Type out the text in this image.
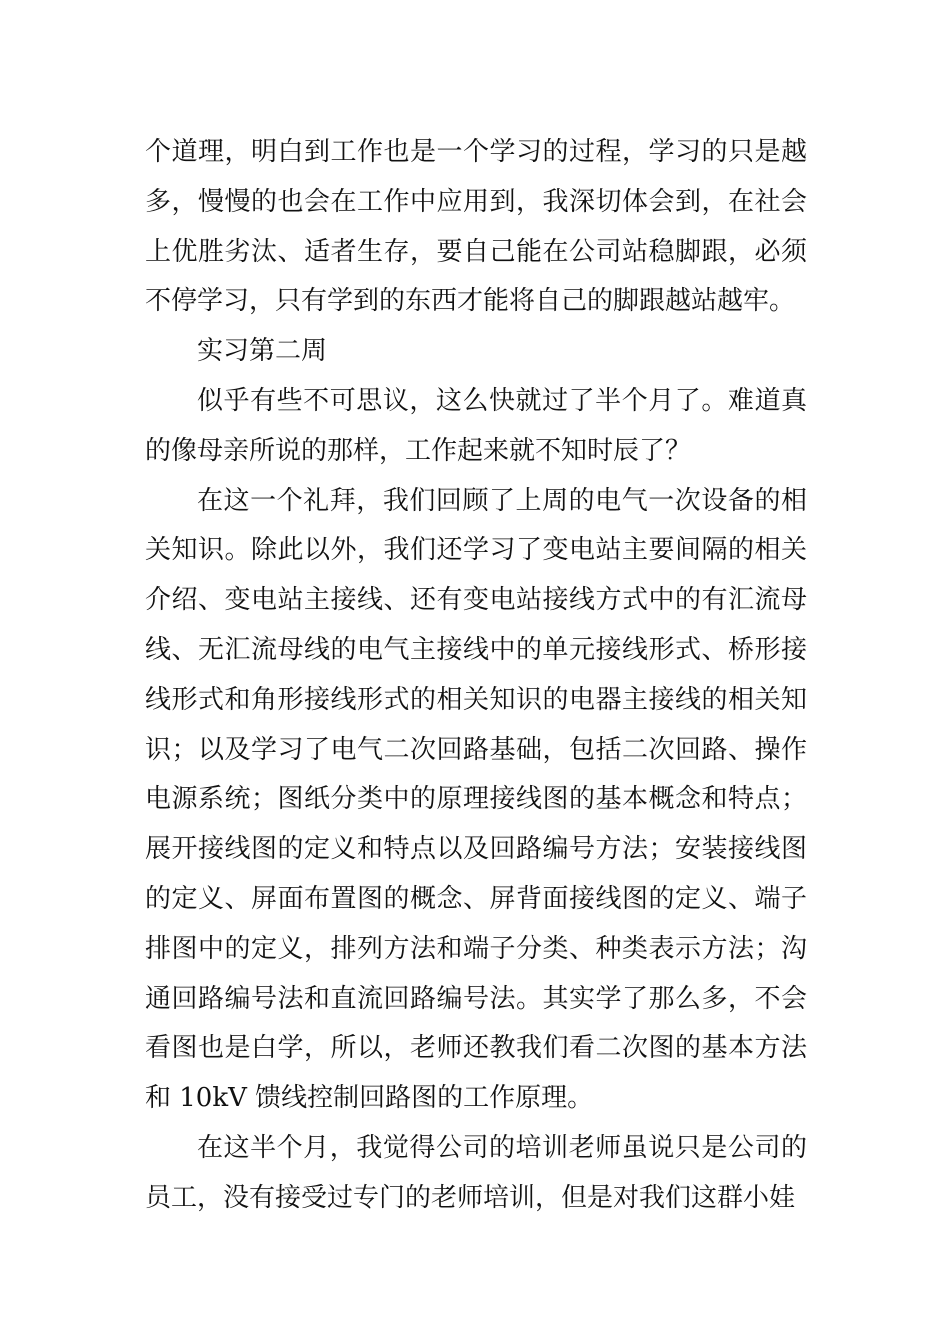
个道理，明白到工作也是一个学习的过程，学习的只是越多，慢慢的也会在工作中应用到，我深切体会到，在社会上优胜劣汰、适者生存，要自己能在公司站稳脚跟，必须不停学习，只有学到的东西才能将自己的脚跟越站越牢。

实习第二周

似乎有些不可思议，这么快就过了半个月了。难道真的像母亲所说的那样，工作起来就不知时辰了？

在这一个礼拜，我们回顾了上周的电气一次设备的相关知识。除此以外，我们还学习了变电站主要间隔的相关介绍、变电站主接线、还有变电站接线方式中的有汇流母线、无汇流母线的电气主接线中的单元接线形式、桥形接线形式和角形接线形式的相关知识的电器主接线的相关知识；以及学习了电气二次回路基础，包括二次回路、操作电源系统；图纸分类中的原理接线图的基本概念和特点；展开接线图的定义和特点以及回路编号方法；安装接线图的定义、屏面布置图的概念、屏背面接线图的定义、端子排图中的定义，排列方法和端子分类、种类表示方法；沟通回路编号法和直流回路编号法。其实学了那么多，不会看图也是白学，所以，老师还教我们看二次图的基本方法和 10kV 馈线控制回路图的工作原理。

在这半个月，我觉得公司的培训老师虽说只是公司的员工，没有接受过专门的老师培训，但是对我们这群小娃
